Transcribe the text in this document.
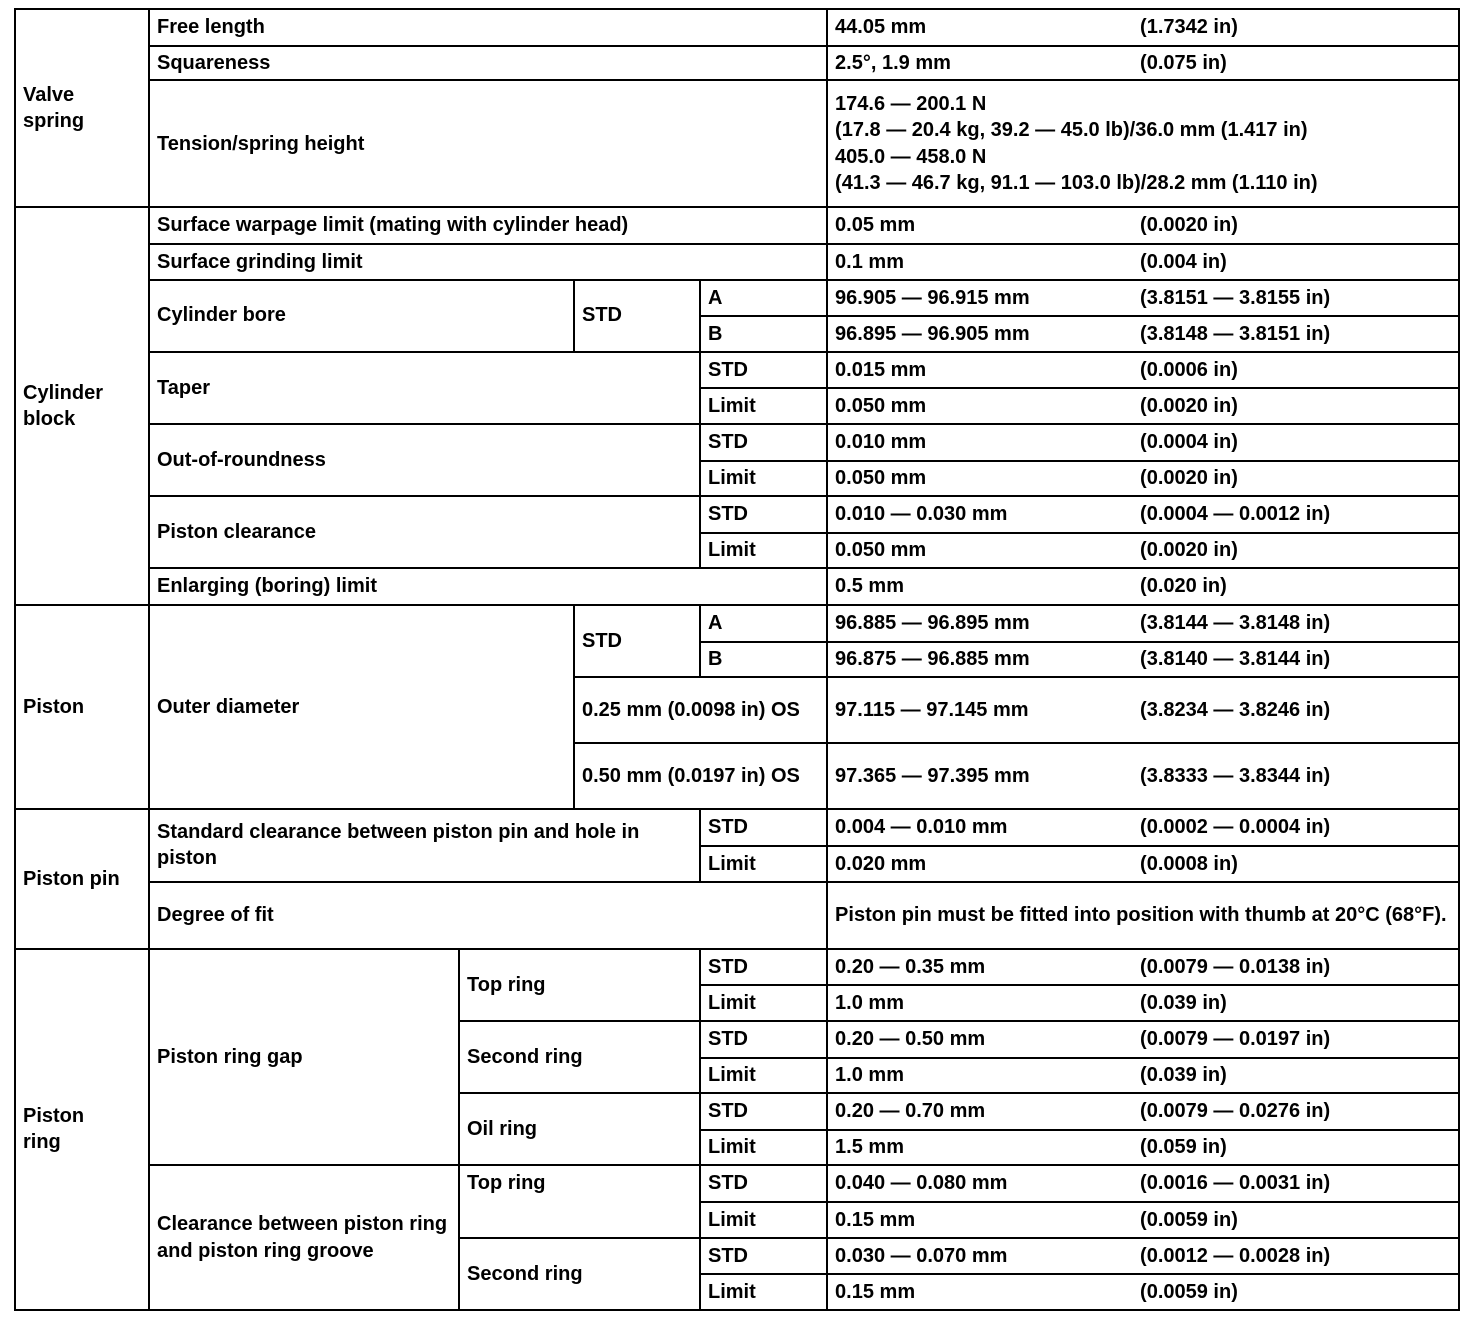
Valve
spring	Free length				44.05 mm (1.7342 in)

	Squareness				2.5°, 1.9 mm (0.075 in)

	Tension/spring height				174.6 — 200.1 N
(17.8 — 20.4 kg, 39.2 — 45.0 lb)/36.0 mm (1.417 in)
405.0 — 458.0 N
(41.3 — 46.7 kg, 91.1 — 103.0 lb)/28.2 mm (1.110 in)

Cylinder
block	Surface warpage limit (mating with cylinder head)				0.05 mm (0.0020 in)

	Surface grinding limit				0.1 mm (0.004 in)

	Cylinder bore		STD	A	96.905 — 96.915 mm (3.8151 — 3.8155 in)

				B	96.895 — 96.905 mm (3.8148 — 3.8151 in)

	Taper			STD	0.015 mm (0.0006 in)

				Limit	0.050 mm (0.0020 in)

	Out-of-roundness			STD	0.010 mm (0.0004 in)

				Limit	0.050 mm (0.0020 in)

	Piston clearance			STD	0.010 — 0.030 mm (0.0004 — 0.0012 in)

				Limit	0.050 mm (0.0020 in)

	Enlarging (boring) limit				0.5 mm (0.020 in)

Piston	Outer diameter		STD	A	96.885 — 96.895 mm (3.8144 — 3.8148 in)

				B	96.875 — 96.885 mm (3.8140 — 3.8144 in)

			0.25 mm (0.0098 in) OS		97.115 — 97.145 mm (3.8234 — 3.8246 in)

			0.50 mm (0.0197 in) OS		97.365 — 97.395 mm (3.8333 — 3.8344 in)

Piston pin	Standard clearance between piston pin and hole in piston			STD	0.004 — 0.010 mm (0.0002 — 0.0004 in)

				Limit	0.020 mm (0.0008 in)

	Degree of fit				Piston pin must be fitted into position with thumb at 20°C (68°F).
Piston
ring	Piston ring gap	Top ring		STD	0.20 — 0.35 mm (0.0079 — 0.0138 in)

				Limit	1.0 mm (0.039 in)

		Second ring		STD	0.20 — 0.50 mm (0.0079 — 0.0197 in)

				Limit	1.0 mm (0.039 in)

		Oil ring		STD	0.20 — 0.70 mm (0.0079 — 0.0276 in)

				Limit	1.5 mm (0.059 in)

	Clearance between piston ring and piston ring groove	Top ring		STD	0.040 — 0.080 mm (0.0016 — 0.0031 in)

				Limit	0.15 mm (0.0059 in)

		Second ring		STD	0.030 — 0.070 mm (0.0012 — 0.0028 in)

				Limit	0.15 mm (0.0059 in)
